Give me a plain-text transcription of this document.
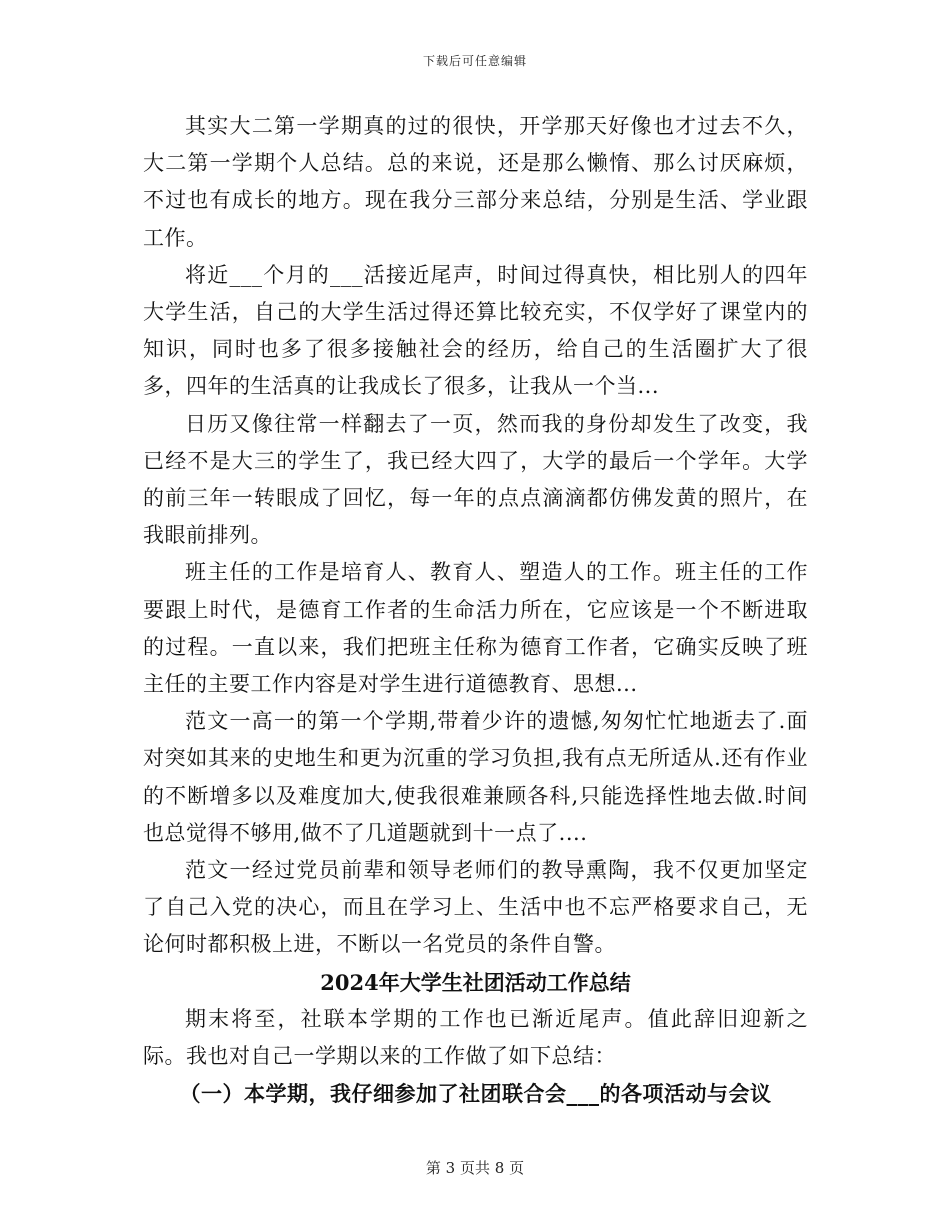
下载后可任意编辑

其实大二第一学期真的过的很快，开学那天好像也才过去不久，大二第一学期个人总结。总的来说，还是那么懒惰、那么讨厌麻烦，不过也有成长的地方。现在我分三部分来总结，分别是生活、学业跟工作。

将近___个月的___活接近尾声，时间过得真快，相比别人的四年大学生活，自己的大学生活过得还算比较充实，不仅学好了课堂内的知识，同时也多了很多接触社会的经历，给自己的生活圈扩大了很多，四年的生活真的让我成长了很多，让我从一个当...

日历又像往常一样翻去了一页，然而我的身份却发生了改变，我已经不是大三的学生了，我已经大四了，大学的最后一个学年。大学的前三年一转眼成了回忆，每一年的点点滴滴都仿佛发黄的照片，在我眼前排列。

班主任的工作是培育人、教育人、塑造人的工作。班主任的工作要跟上时代，是德育工作者的生命活力所在，它应该是一个不断进取的过程。一直以来，我们把班主任称为德育工作者，它确实反映了班主任的主要工作内容是对学生进行道德教育、思想...

范文一高一的第一个学期,带着少许的遗憾,匆匆忙忙地逝去了.面对突如其来的史地生和更为沉重的学习负担,我有点无所适从.还有作业的不断增多以及难度加大,使我很难兼顾各科,只能选择性地去做.时间也总觉得不够用,做不了几道题就到十一点了....

范文一经过党员前辈和领导老师们的教导熏陶，我不仅更加坚定了自己入党的决心，而且在学习上、生活中也不忘严格要求自己，无论何时都积极上进，不断以一名党员的条件自警。

2024年大学生社团活动工作总结

期末将至，社联本学期的工作也已渐近尾声。值此辞旧迎新之际。我也对自己一学期以来的工作做了如下总结：

（一）本学期，我仔细参加了社团联合会___的各项活动与会议

第 3 页共 8 页
